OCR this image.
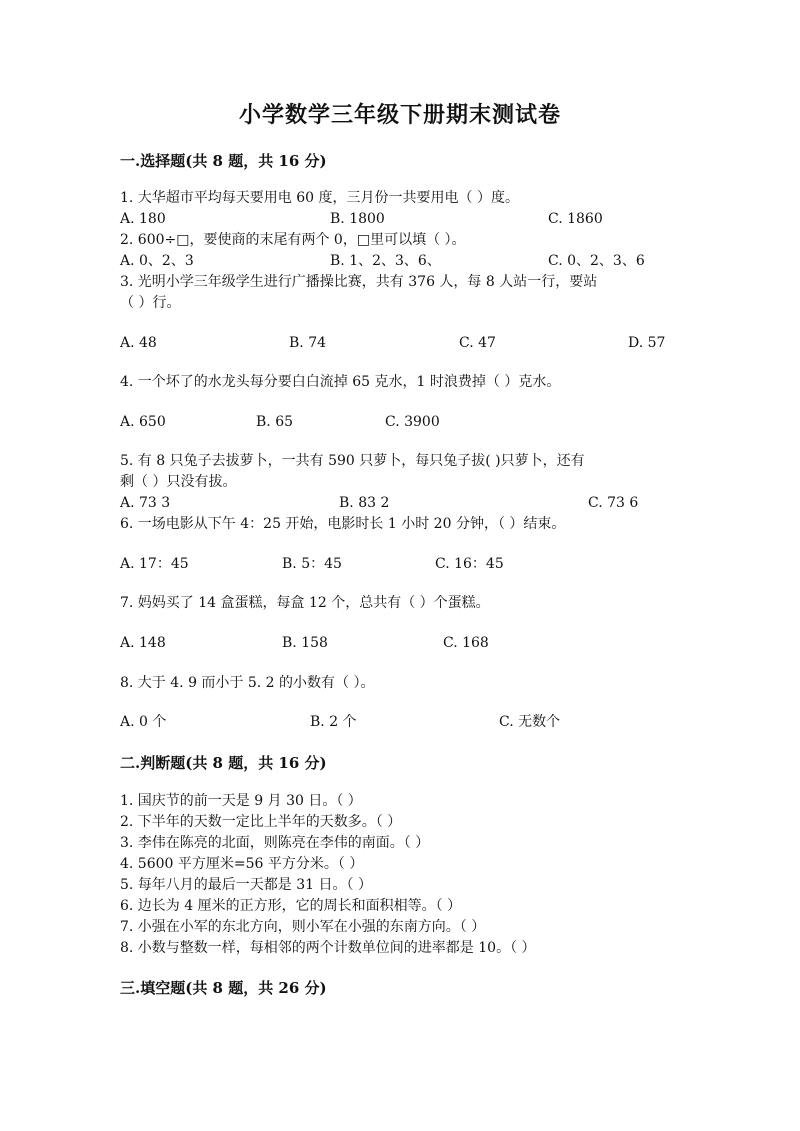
小学数学三年级下册期末测试卷
一.选择题(共 8 题，共 16 分)
1. 大华超市平均每天要用电 60 度，三月份一共要用电（ ）度。
A. 180	B. 1800	C. 1860
2. 600÷□，要使商的末尾有两个 0，□里可以填（ ）。
A. 0、2、3	B. 1、2、3、6、	C. 0、2、3、6
3. 光明小学三年级学生进行广播操比赛，共有 376 人，每 8 人站一行，要站
（ ）行。
A. 48	B. 74	C. 47	D. 57
4. 一个坏了的水龙头每分要白白流掉 65 克水，1 时浪费掉（ ）克水。
A. 650	B. 65	C. 3900
5. 有 8 只兔子去拔萝卜，一共有 590 只萝卜，每只兔子拔( )只萝卜，还有
剩（ ）只没有拔。
A. 73 3	B. 83 2	C. 73 6
6. 一场电影从下午 4：25 开始，电影时长 1 小时 20 分钟，（ ）结束。
A. 17：45	B. 5：45	C. 16：45
7. 妈妈买了 14 盒蛋糕，每盒 12 个，总共有（ ）个蛋糕。
A. 148	B. 158	C. 168
8. 大于 4. 9 而小于 5. 2 的小数有（ ）。
A. 0 个	B. 2 个	C. 无数个
二.判断题(共 8 题，共 16 分)
1. 国庆节的前一天是 9 月 30 日。（ ）
2. 下半年的天数一定比上半年的天数多。（ ）
3. 李伟在陈亮的北面，则陈亮在李伟的南面。（ ）
4. 5600 平方厘米=56 平方分米。（ ）
5. 每年八月的最后一天都是 31 日。（ ）
6. 边长为 4 厘米的正方形，它的周长和面积相等。（ ）
7. 小强在小军的东北方向，则小军在小强的东南方向。（ ）
8. 小数与整数一样，每相邻的两个计数单位间的进率都是 10。（ ）
三.填空题(共 8 题，共 26 分)
